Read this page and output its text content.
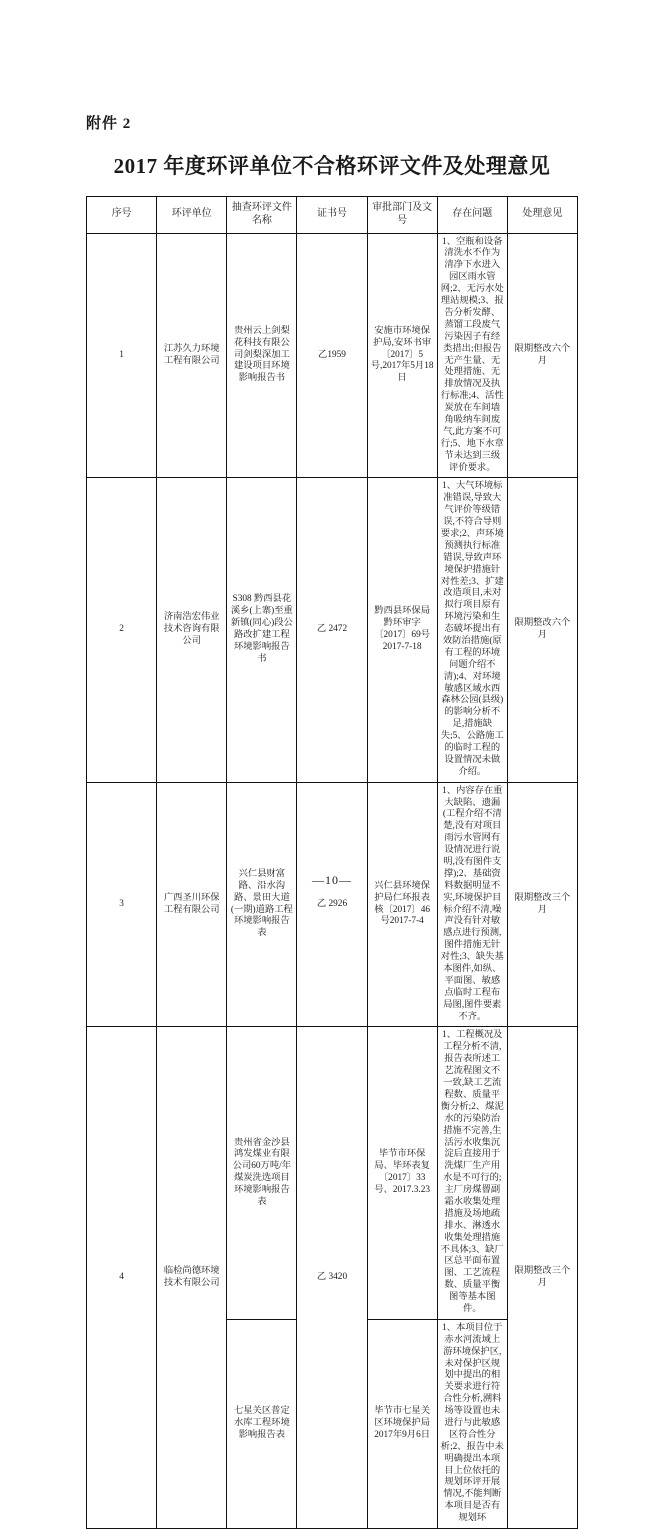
附件 2
2017 年度环评单位不合格环评文件及处理意见
序号	环评单位	抽查环评文件名称	证书号	审批部门及文号	存在问题	处理意见
1	江苏久力环境工程有限公司	贵州云上剑梨花科技有限公司剑梨深加工建设项目环境影响报告书	乙1959	安施市环境保护局,安环书审〔2017〕5号,2017年5月18日	1、空瓶和设备清洗水不作为清净下水进入园区雨水管网;2、无污水处理站规模;3、报告分析发酵、蒸馏工段废气污染因子有经类措出;但报告无产生量、无处理措施、无排放情况及执行标准;4、活性炭放在车间墙角吸纳车间废气,此方案不可行;5、地下水章节未达到三级评价要求。	限期整改六个月
2	济南浩宏伟业技术咨询有限公司	S308 黔西县花溪乡(上寨)至重新镇(同心)段公路改扩建工程环境影响报告书	乙 2472	黔西县环保局黔环审字〔2017〕69号2017-7-18	1、大气环境标准错误,导致大气评价等级错误,不符合导则要求;2、声环境预测执行标准错误,导致声环境保护措施针对性差;3、扩建改造项目,未对拟行项目原有环境污染和生态破坏提出有效防治措施(原有工程的环境问题介绍不清);4、对环境敏感区域水西森林公园(县级)的影响分析不足,措施缺失;5、公路施工的临时工程的设置情况未做介绍。	限期整改六个月
3	广西圣川环保工程有限公司	兴仁县财富路、沿水沟路、景田大道(一期)道路工程环境影响报告表	乙 2926	兴仁县环境保护局仁环报表核〔2017〕46号2017-7-4	1、内容存在重大缺陷、遗漏(工程介绍不清楚,没有对项目雨污水管网有设情况进行说明,没有图件支撑);2、基础资料数据明显不实,环境保护目标介绍不清,噪声没有针对敏感点进行预测,图件措施无针对性;3、缺失基本图件,如纵、平面图、敏感点临时工程布局图,图件要素不齐。	限期整改三个月
4	临检尚德环境技术有限公司	贵州省金沙县鸿发煤业有限公司60万吨/年煤炭洗选项目环境影响报告表	乙 3420	毕节市环保局、毕环表复〔2017〕33号、2017.3.23	1、工程概况及工程分析不清,报告表所述工艺流程图文不一致,缺工艺流程数、质量平衡分析;2、煤泥水的污染防治措施不完善,生活污水收集沉淀后直接用于洗煤厂生产用水是不可行的;主厂房煤罾副霜水收集处理措施及场地疏排水、淋透水收集处理措施不具体;3、缺厂区总平面布置图、工艺流程数、质量平衡图等基本图件。	限期整改三个月
		七星关区普定水库工程环境影响报告表		毕节市七星关区环境保护局2017年9月6日	1、本项目位于赤水河流域上游环境保护区,未对保护区规划中提出的相关要求进行符合性分析,溯料场等设置也未进行与此敏感区符合性分析;2、报告中未明确提出本项目上位依托的规划环评开展情况,不能判断本项目是否有规划环	
—10—
